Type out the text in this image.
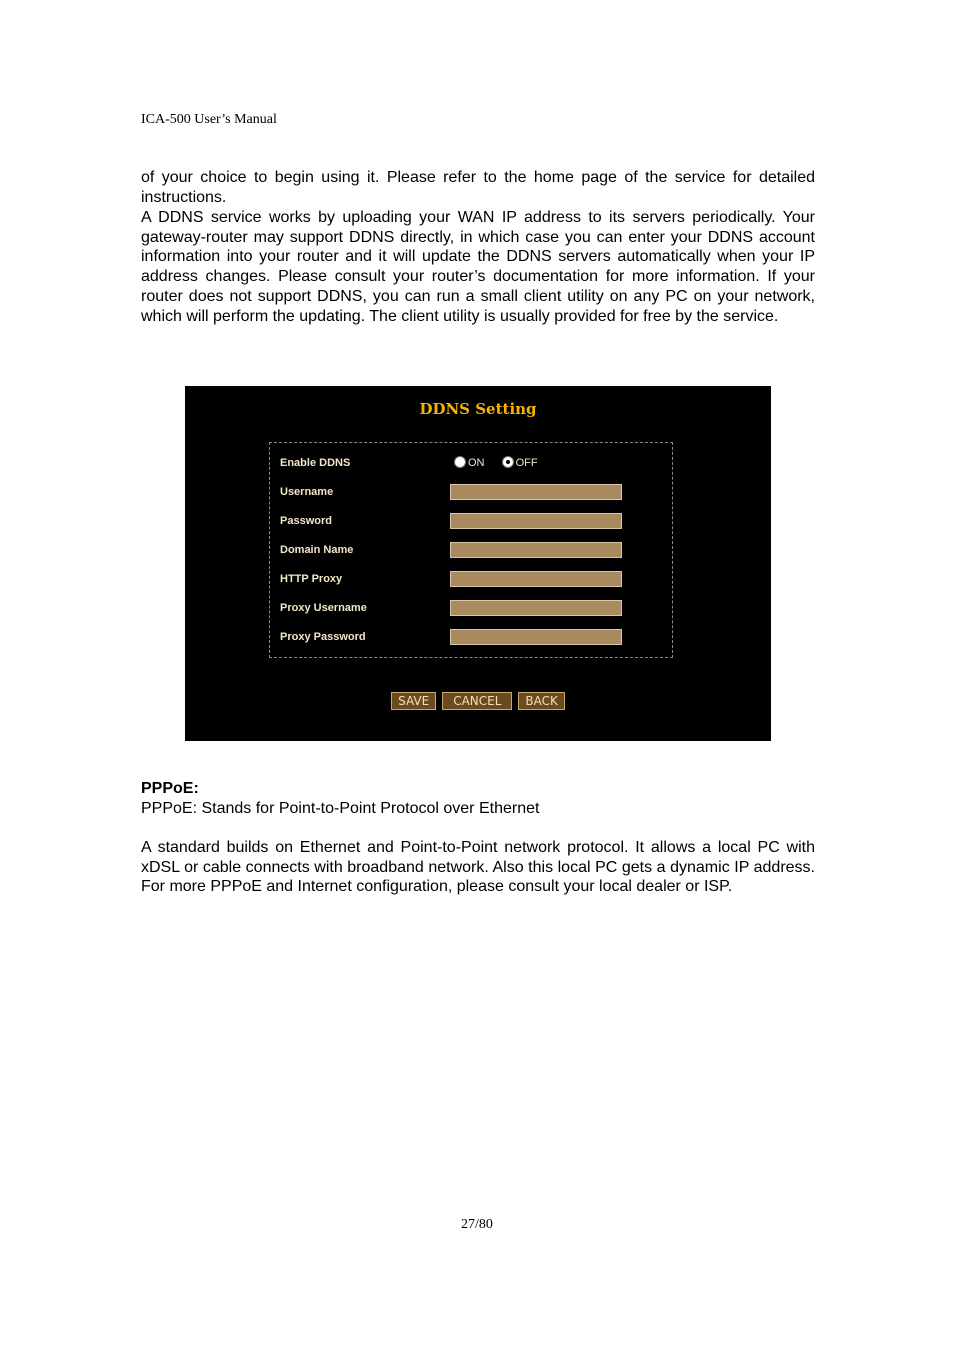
ICA-500 User’s Manual

of your choice to begin using it. Please refer to the home page of the service for detailed instructions.

A DDNS service works by uploading your WAN IP address to its servers periodically. Your gateway-router may support DDNS directly, in which case you can enter your DDNS account information into your router and it will update the DDNS servers automatically when your IP address changes. Please consult your router’s documentation for more information. If your router does not support DDNS, you can run a small client utility on any PC on your network, which will perform the updating. The client utility is usually provided for free by the service.

DDNS Setting
Enable DDNS	ON	OFF
Username
Password
Domain Name
HTTP Proxy
Proxy Username
Proxy Password
SAVE CANCEL BACK
PPPoE:

PPPoE: Stands for Point-to-Point Protocol over Ethernet

A standard builds on Ethernet and Point-to-Point network protocol. It allows a local PC with xDSL or cable connects with broadband network. Also this local PC gets a dynamic IP address. For more PPPoE and Internet configuration, please consult your local dealer or ISP.

27/80
